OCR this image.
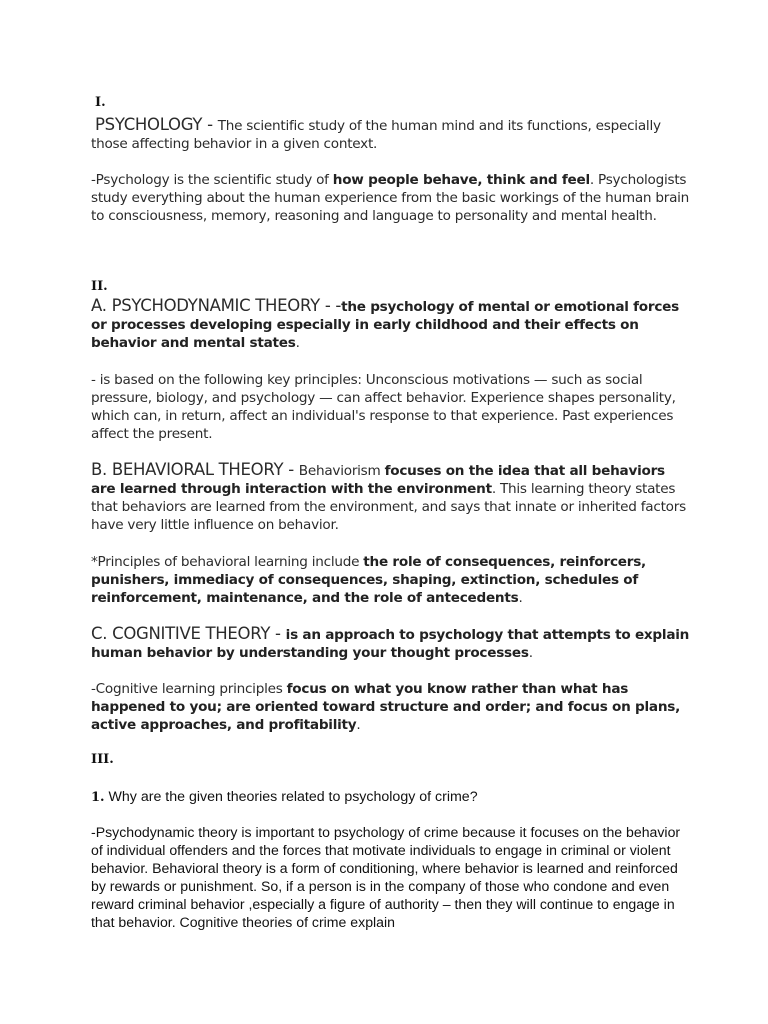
I.

PSYCHOLOGY - The scientific study of the human mind and its functions, especially those affecting behavior in a given context.

-Psychology is the scientific study of how people behave, think and feel. Psychologists study everything about the human experience from the basic workings of the human brain to consciousness, memory, reasoning and language to personality and mental health.

II.

A. PSYCHODYNAMIC THEORY - -the psychology of mental or emotional forces or processes developing especially in early childhood and their effects on behavior and mental states.

- is based on the following key principles: Unconscious motivations — such as social pressure, biology, and psychology — can affect behavior. Experience shapes personality, which can, in return, affect an individual's response to that experience. Past experiences affect the present.

B. BEHAVIORAL THEORY - Behaviorism focuses on the idea that all behaviors are learned through interaction with the environment. This learning theory states that behaviors are learned from the environment, and says that innate or inherited factors have very little influence on behavior.

*Principles of behavioral learning include the role of consequences, reinforcers, punishers, immediacy of consequences, shaping, extinction, schedules of reinforcement, maintenance, and the role of antecedents.

C. COGNITIVE THEORY - is an approach to psychology that attempts to explain human behavior by understanding your thought processes.

-Cognitive learning principles focus on what you know rather than what has happened to you; are oriented toward structure and order; and focus on plans, active approaches, and profitability.

III.

1. Why are the given theories related to psychology of crime?

-Psychodynamic theory is important to psychology of crime because it focuses on the behavior of individual offenders and the forces that motivate individuals to engage in criminal or violent behavior. Behavioral theory is a form of conditioning, where behavior is learned and reinforced by rewards or punishment. So, if a person is in the company of those who condone and even reward criminal behavior ,especially a figure of authority – then they will continue to engage in that behavior. Cognitive theories of crime explain
